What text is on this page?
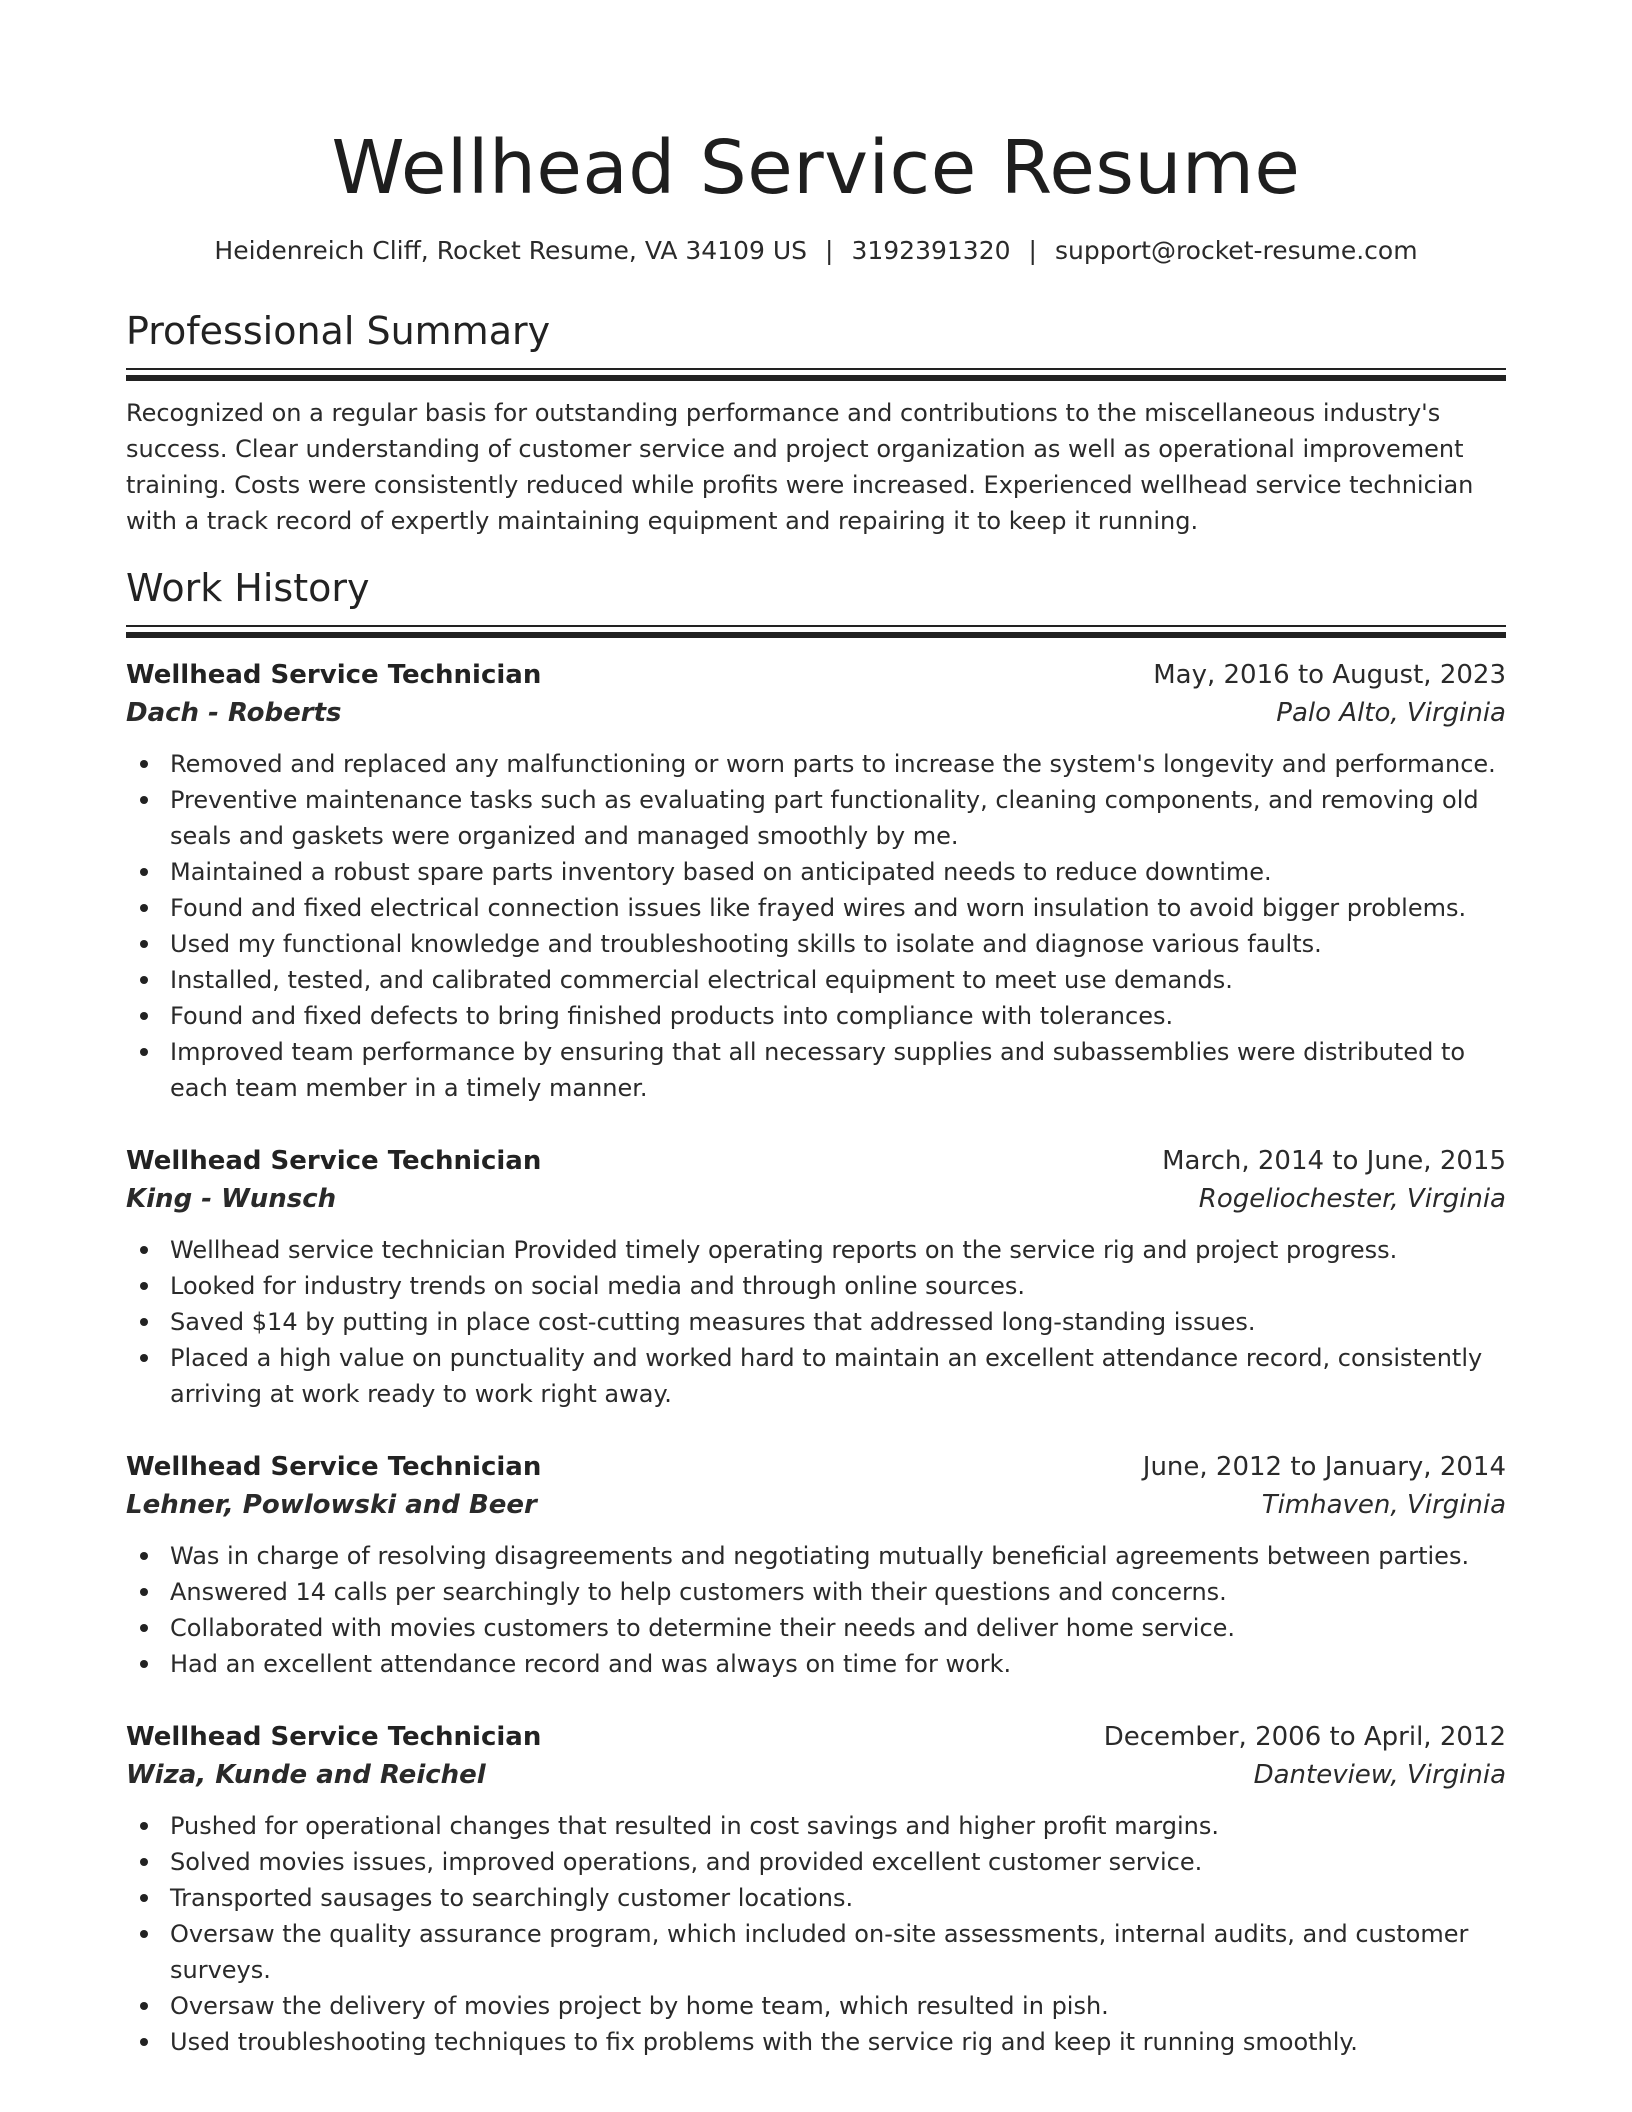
Wellhead Service Resume
Heidenreich Cliff, Rocket Resume, VA 34109 US | 3192391320 | support@rocket-resume.com
Professional Summary

Recognized on a regular basis for outstanding performance and contributions to the miscellaneous industry's success. Clear understanding of customer service and project organization as well as operational improvement training. Costs were consistently reduced while profits were increased. Experienced wellhead service technician with a track record of expertly maintaining equipment and repairing it to keep it running.

Work History
Wellhead Service Technician	May, 2016 to August, 2023
Dach - Roberts	Palo Alto, Virginia
Removed and replaced any malfunctioning or worn parts to increase the system's longevity and performance.
Preventive maintenance tasks such as evaluating part functionality, cleaning components, and removing old seals and gaskets were organized and managed smoothly by me.
Maintained a robust spare parts inventory based on anticipated needs to reduce downtime.
Found and fixed electrical connection issues like frayed wires and worn insulation to avoid bigger problems.
Used my functional knowledge and troubleshooting skills to isolate and diagnose various faults.
Installed, tested, and calibrated commercial electrical equipment to meet use demands.
Found and fixed defects to bring finished products into compliance with tolerances.
Improved team performance by ensuring that all necessary supplies and subassemblies were distributed to each team member in a timely manner.
Wellhead Service Technician	March, 2014 to June, 2015
King - Wunsch	Rogeliochester, Virginia
Wellhead service technician Provided timely operating reports on the service rig and project progress.
Looked for industry trends on social media and through online sources.
Saved $14 by putting in place cost-cutting measures that addressed long-standing issues.
Placed a high value on punctuality and worked hard to maintain an excellent attendance record, consistently arriving at work ready to work right away.
Wellhead Service Technician	June, 2012 to January, 2014
Lehner, Powlowski and Beer	Timhaven, Virginia
Was in charge of resolving disagreements and negotiating mutually beneficial agreements between parties.
Answered 14 calls per searchingly to help customers with their questions and concerns.
Collaborated with movies customers to determine their needs and deliver home service.
Had an excellent attendance record and was always on time for work.
Wellhead Service Technician	December, 2006 to April, 2012
Wiza, Kunde and Reichel	Danteview, Virginia
Pushed for operational changes that resulted in cost savings and higher profit margins.
Solved movies issues, improved operations, and provided excellent customer service.
Transported sausages to searchingly customer locations.
Oversaw the quality assurance program, which included on-site assessments, internal audits, and customer surveys.
Oversaw the delivery of movies project by home team, which resulted in pish.
Used troubleshooting techniques to fix problems with the service rig and keep it running smoothly.
